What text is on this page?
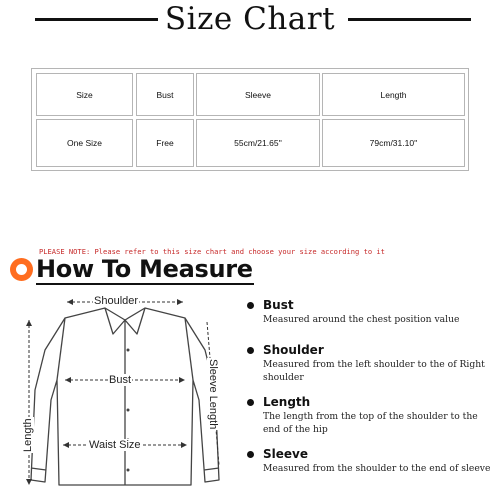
Size Chart
Size	Bust	Sleeve	Length
One Size	Free	55cm/21.65''	79cm/31.10''
PLEASE NOTE: Please refer to this size chart and choose your size according to it
How To Measure
Shoulder
Bust
Waist Size
Length
Sleeve Length
Bust
Measured around the chest position value
Shoulder
Measured from the left shoulder to the of Right shoulder
Length
The length from the top of the shoulder to the end of the hip
Sleeve
Measured from the shoulder to the end of sleeve
